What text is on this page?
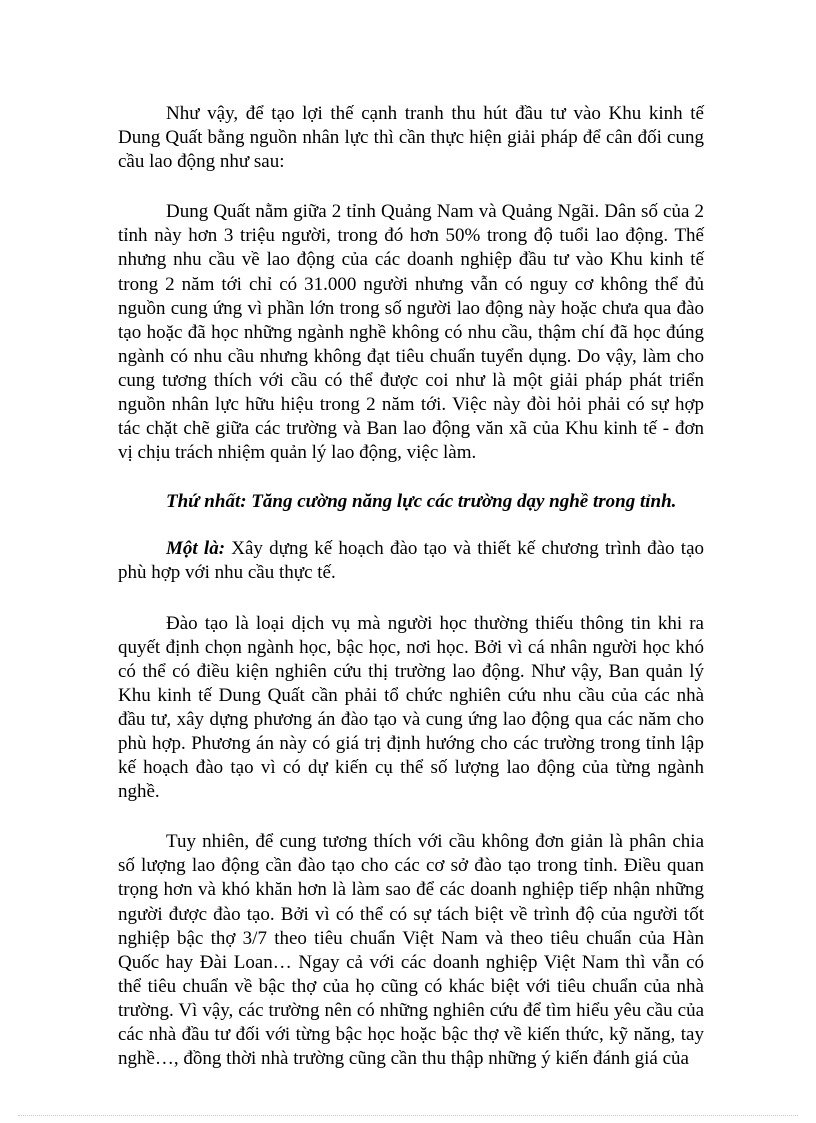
Như vậy, để tạo lợi thế cạnh tranh thu hút đầu tư vào Khu kinh tế Dung Quất bằng nguồn nhân lực thì cần thực hiện giải pháp để cân đối cung cầu lao động như sau:

Dung Quất nằm giữa 2 tỉnh Quảng Nam và Quảng Ngãi. Dân số của 2 tỉnh này hơn 3 triệu người, trong đó hơn 50% trong độ tuổi lao động. Thế nhưng nhu cầu về lao động của các doanh nghiệp đầu tư vào Khu kinh tế trong 2 năm tới chỉ có 31.000 người nhưng vẫn có nguy cơ không thể đủ nguồn cung ứng vì phần lớn trong số người lao động này hoặc chưa qua đào tạo hoặc đã học những ngành nghề không có nhu cầu, thậm chí đã học đúng ngành có nhu cầu nhưng không đạt tiêu chuẩn tuyển dụng. Do vậy, làm cho cung tương thích với cầu có thể được coi như là một giải pháp phát triển nguồn nhân lực hữu hiệu trong 2 năm tới. Việc này đòi hỏi phải có sự hợp tác chặt chẽ giữa các trường và Ban lao động văn xã của Khu kinh tế - đơn vị chịu trách nhiệm quản lý lao động, việc làm.

Thứ nhất: Tăng cường năng lực các trường dạy nghề trong tỉnh.

Một là: Xây dựng kế hoạch đào tạo và thiết kế chương trình đào tạo phù hợp với nhu cầu thực tế.

Đào tạo là loại dịch vụ mà người học thường thiếu thông tin khi ra quyết định chọn ngành học, bậc học, nơi học. Bởi vì cá nhân người học khó có thể có điều kiện nghiên cứu thị trường lao động. Như vậy, Ban quản lý Khu kinh tế Dung Quất cần phải tổ chức nghiên cứu nhu cầu của các nhà đầu tư, xây dựng phương án đào tạo và cung ứng lao động qua các năm cho phù hợp. Phương án này có giá trị định hướng cho các trường trong tỉnh lập kế hoạch đào tạo vì có dự kiến cụ thể số lượng lao động của từng ngành nghề.

Tuy nhiên, để cung tương thích với cầu không đơn giản là phân chia số lượng lao động cần đào tạo cho các cơ sở đào tạo trong tỉnh. Điều quan trọng hơn và khó khăn hơn là làm sao để các doanh nghiệp tiếp nhận những người được đào tạo. Bởi vì có thể có sự tách biệt về trình độ của người tốt nghiệp bậc thợ 3/7 theo tiêu chuẩn Việt Nam và theo tiêu chuẩn của Hàn Quốc hay Đài Loan… Ngay cả với các doanh nghiệp Việt Nam thì vẫn có thể tiêu chuẩn về bậc thợ của họ cũng có khác biệt với tiêu chuẩn của nhà trường. Vì vậy, các trường nên có những nghiên cứu để tìm hiểu yêu cầu của các nhà đầu tư đối với từng bậc học hoặc bậc thợ về kiến thức, kỹ năng, tay nghề…, đồng thời nhà trường cũng cần thu thập những ý kiến đánh giá của
